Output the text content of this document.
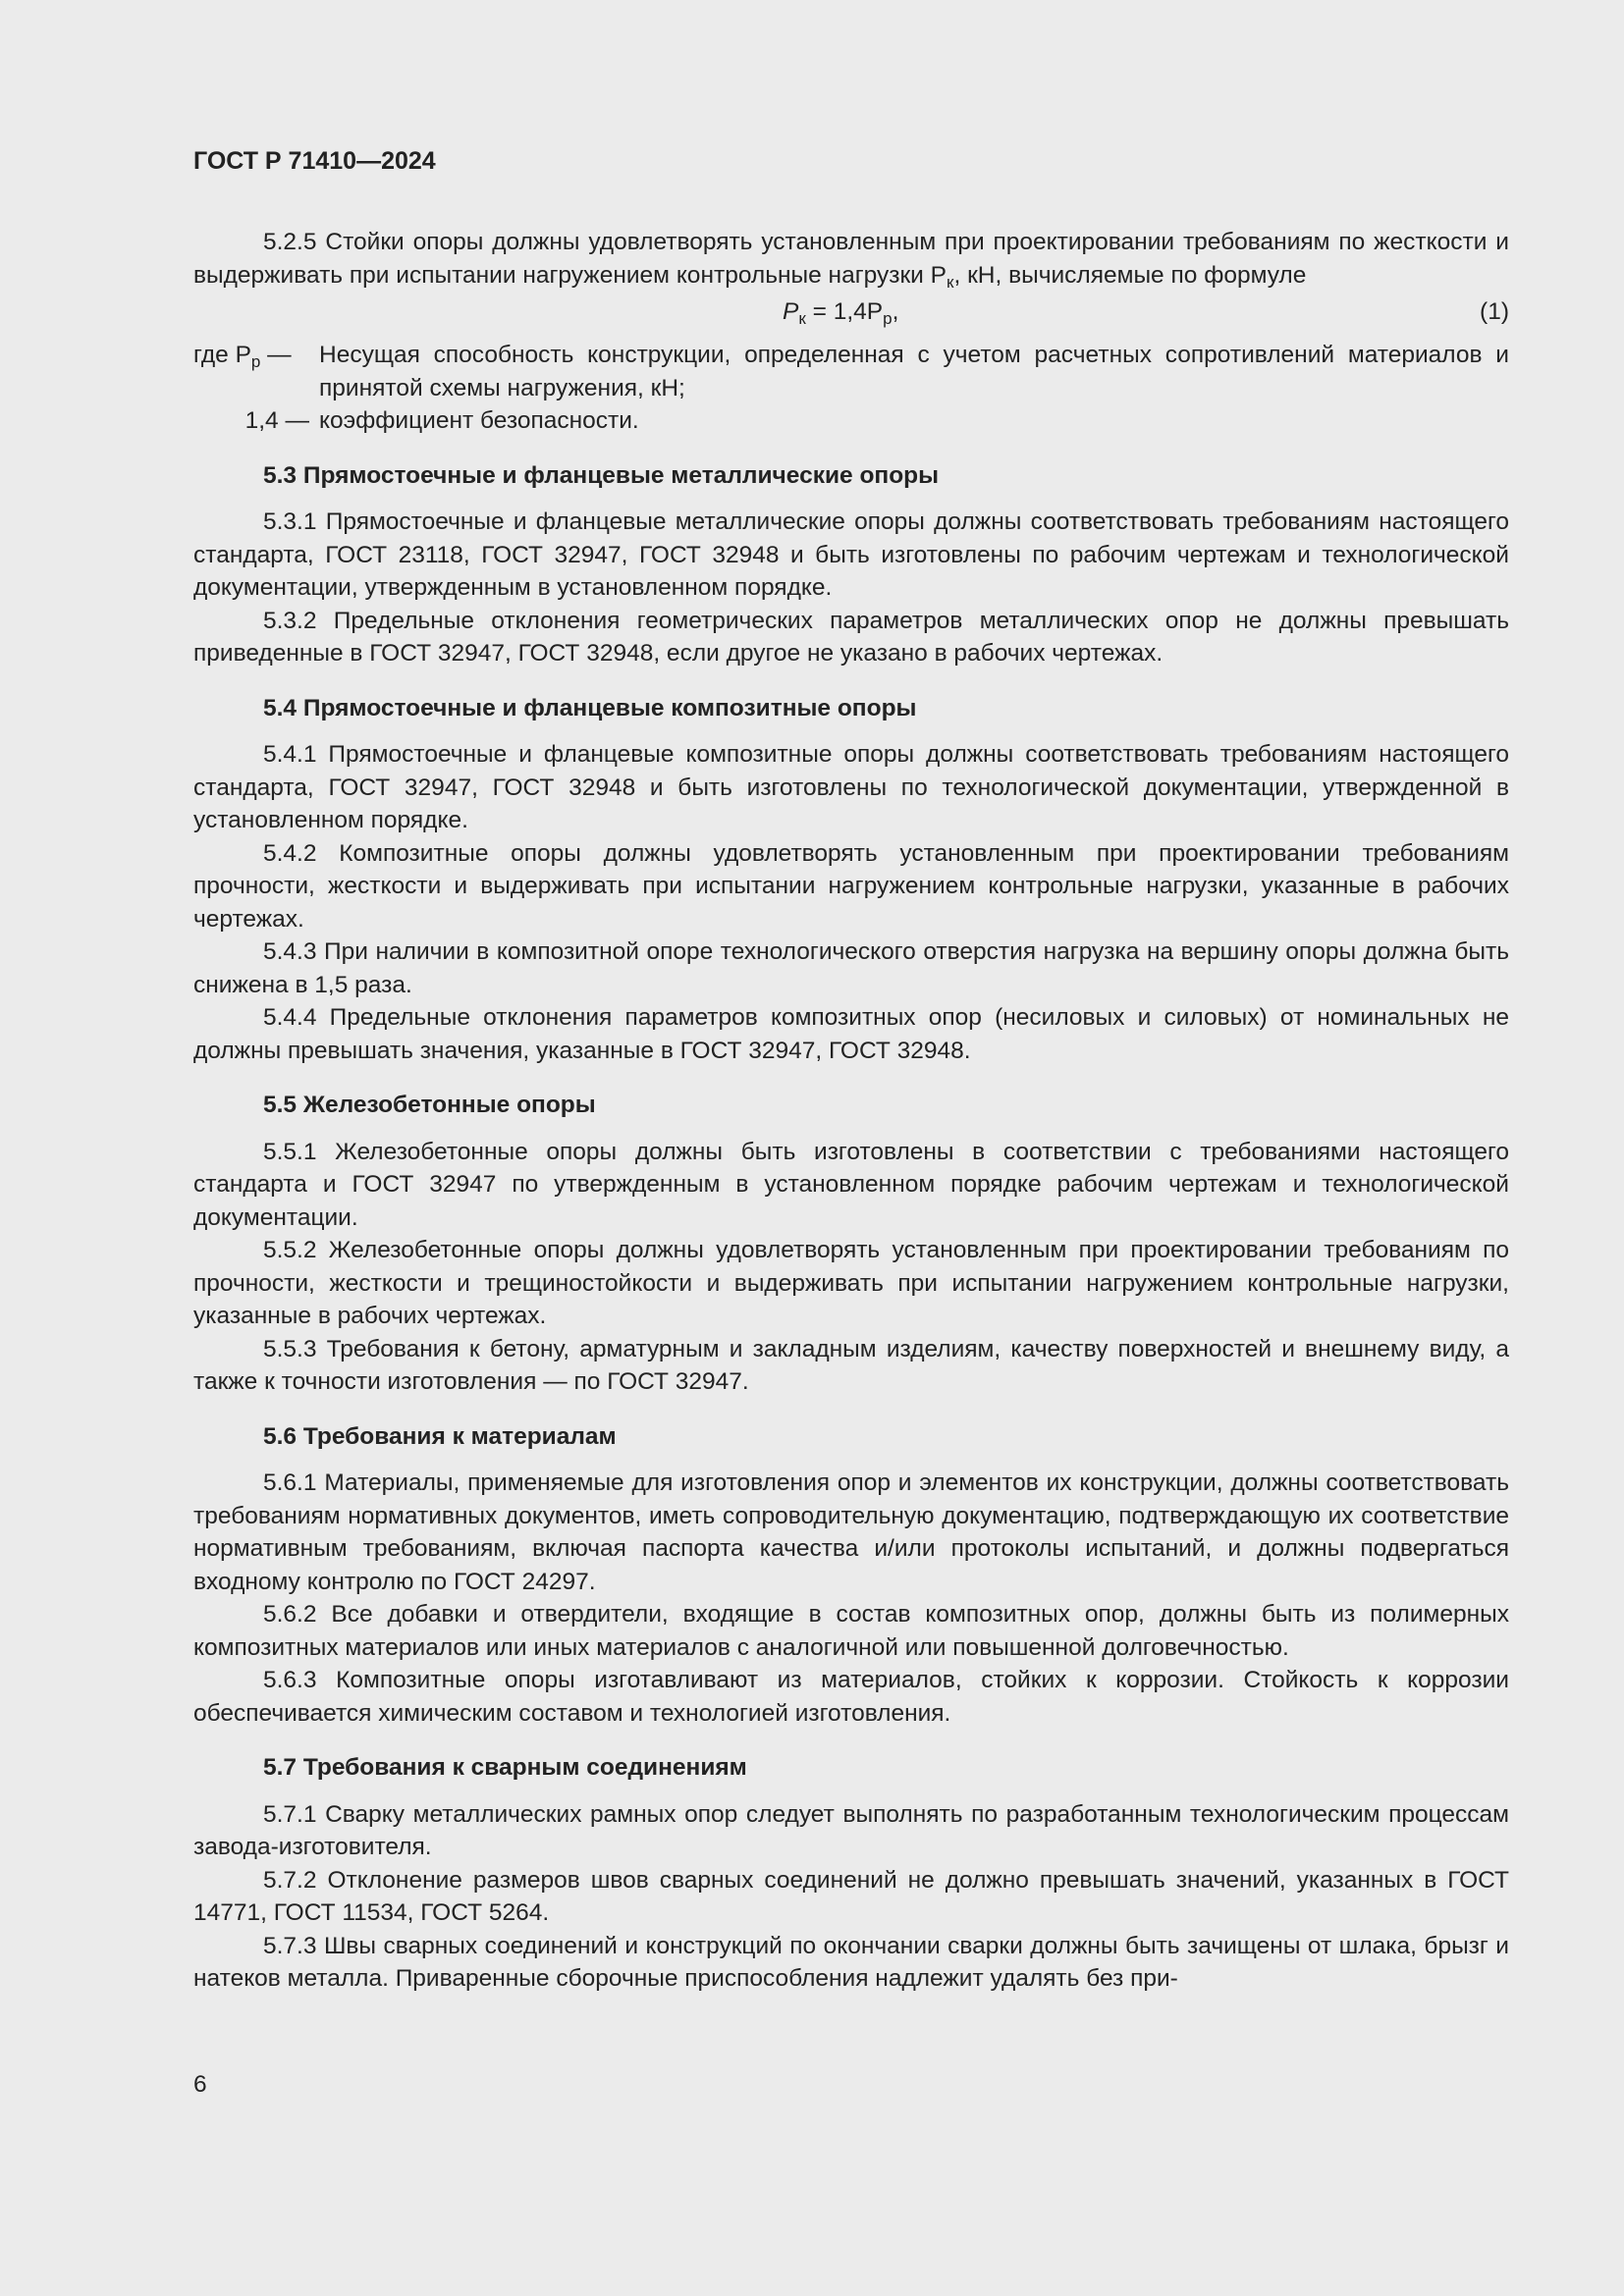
ГОСТ Р 71410—2024

5.2.5 Стойки опоры должны удовлетворять установленным при проектировании требованиям по жесткости и выдерживать при испытании нагружением контрольные нагрузки $P_к$, кН, вычисляемые по формуле

$P_к = 1,4P_р$,	(1)
где $P_р$ —	Несущая способность конструкции, определенная с учетом расчетных сопротивлений материалов и принятой схемы нагружения, кН;
1,4 — коэффициент безопасности.
5.3 Прямостоечные и фланцевые металлические опоры

5.3.1 Прямостоечные и фланцевые металлические опоры должны соответствовать требованиям настоящего стандарта, ГОСТ 23118, ГОСТ 32947, ГОСТ 32948 и быть изготовлены по рабочим чертежам и технологической документации, утвержденным в установленном порядке.

5.3.2 Предельные отклонения геометрических параметров металлических опор не должны превышать приведенные в ГОСТ 32947, ГОСТ 32948, если другое не указано в рабочих чертежах.

5.4 Прямостоечные и фланцевые композитные опоры

5.4.1 Прямостоечные и фланцевые композитные опоры должны соответствовать требованиям настоящего стандарта, ГОСТ 32947, ГОСТ 32948 и быть изготовлены по технологической документации, утвержденной в установленном порядке.

5.4.2 Композитные опоры должны удовлетворять установленным при проектировании требованиям прочности, жесткости и выдерживать при испытании нагружением контрольные нагрузки, указанные в рабочих чертежах.

5.4.3 При наличии в композитной опоре технологического отверстия нагрузка на вершину опоры должна быть снижена в 1,5 раза.

5.4.4 Предельные отклонения параметров композитных опор (несиловых и силовых) от номинальных не должны превышать значения, указанные в ГОСТ 32947, ГОСТ 32948.

5.5 Железобетонные опоры

5.5.1 Железобетонные опоры должны быть изготовлены в соответствии с требованиями настоящего стандарта и ГОСТ 32947 по утвержденным в установленном порядке рабочим чертежам и технологической документации.

5.5.2 Железобетонные опоры должны удовлетворять установленным при проектировании требованиям по прочности, жесткости и трещиностойкости и выдерживать при испытании нагружением контрольные нагрузки, указанные в рабочих чертежах.

5.5.3 Требования к бетону, арматурным и закладным изделиям, качеству поверхностей и внешнему виду, а также к точности изготовления — по ГОСТ 32947.

5.6 Требования к материалам

5.6.1 Материалы, применяемые для изготовления опор и элементов их конструкции, должны соответствовать требованиям нормативных документов, иметь сопроводительную документацию, подтверждающую их соответствие нормативным требованиям, включая паспорта качества и/или протоколы испытаний, и должны подвергаться входному контролю по ГОСТ 24297.

5.6.2 Все добавки и отвердители, входящие в состав композитных опор, должны быть из полимерных композитных материалов или иных материалов с аналогичной или повышенной долговечностью.

5.6.3 Композитные опоры изготавливают из материалов, стойких к коррозии. Стойкость к коррозии обеспечивается химическим составом и технологией изготовления.

5.7 Требования к сварным соединениям

5.7.1 Сварку металлических рамных опор следует выполнять по разработанным технологическим процессам завода-изготовителя.

5.7.2 Отклонение размеров швов сварных соединений не должно превышать значений, указанных в ГОСТ 14771, ГОСТ 11534, ГОСТ 5264.

5.7.3 Швы сварных соединений и конструкций по окончании сварки должны быть зачищены от шлака, брызг и натеков металла. Приваренные сборочные приспособления надлежит удалять без при-

6
